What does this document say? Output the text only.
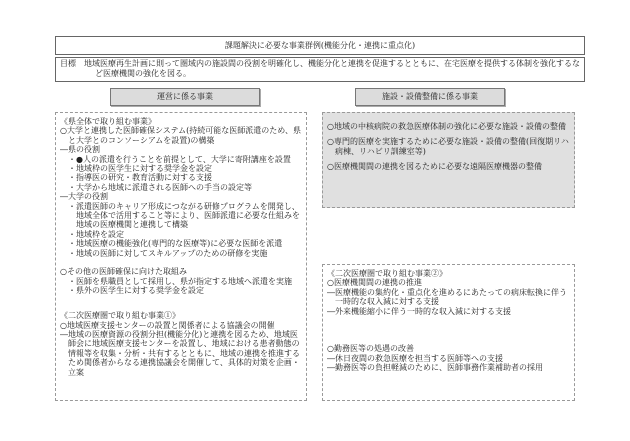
課題解決に必要な事業群例(機能分化・連携に重点化)
目標　地域医療再生計画に則って圏域内の施設間の役割を明確化し、機能分化と連携を促進するとともに、在宅医療を提供する体制を強化するなど医療機関の強化を図る。
運営に係る事業	施設・設備整備に係る事業
《県全体で取り組む事業》
○大学と連携した医師確保システム(持続可能な医師派遣のため、県と大学とのコンソーシアムを設置)の構築
―県の役割
・●人の派遣を行うことを前提として、大学に寄附講座を設置
・地域枠の医学生に対する奨学金を設定
・指導医の研究・教育活動に対する支援
・大学から地域に派遣される医師への手当の設定等
―大学の役割
・派遣医師のキャリア形成につながる研修プログラムを開発し、地域全体で活用すること等により、医師派遣に必要な仕組みを地域の医療機関と連携して構築
・地域枠を設定
・地域医療の機能強化(専門的な医療等)に必要な医師を派遣
・地域の医師に対してスキルアップのための研修を実施
○その他の医師確保に向けた取組み
・医師を県職員として採用し、県が指定する地域へ派遣を実施
・県外の医学生に対する奨学金を設定
《二次医療圏で取り組む事業①》
○地域医療支援センターの設置と関係者による協議会の開催
―地域の医療資源の役割分担(機能分化)と連携を図るため、地域医師会に地域医療支援センターを設置し、地域における患者動態の情報等を収集・分析・共有するとともに、地域の連携を推進するため関係者からなる連携協議会を開催して、具体的対策を企画・立案
○地域の中核病院の救急医療体制の強化に必要な施設・設備の整備
○専門的医療を実施するために必要な施設・設備の整備(回復期リハ病棟、リハビリ訓練室等)
○医療機関間の連携を図るために必要な遠隔医療機器の整備
《二次医療圏で取り組む事業②》
○医療機関間の連携の推進
―医療機能の集約化・重点化を進めるにあたっての病床転換に伴う一時的な収入減に対する支援
―外来機能縮小に伴う一時的な収入減に対する支援
○勤務医等の処遇の改善
―休日夜間の救急医療を担当する医師等への支援
―勤務医等の負担軽減のために、医師事務作業補助者の採用
